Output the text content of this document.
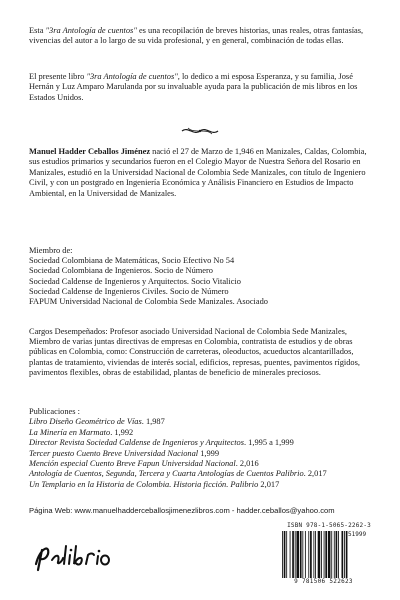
Esta "3ra Antología de cuentos" es una recopilación de breves historias, unas reales, otras fantasías, vivencias del autor a lo largo de su vida profesional, y en general, combinación de todas ellas.

El presente libro "3ra Antología de cuentos", lo dedico a mi esposa Esperanza, y su familia, José Hernán y Luz Amparo Marulanda por su invaluable ayuda para la publicación de mis libros en los Estados Unidos.

Manuel Hadder Ceballos Jiménez nació el 27 de Marzo de 1,946 en Manizales, Caldas, Colombia, sus estudios primarios y secundarios fueron en el Colegio Mayor de Nuestra Señora del Rosario en Manizales, estudió en la Universidad Nacional de Colombia Sede Manizales, con título de Ingeniero Civil, y con un postgrado en Ingeniería Económica y Análisis Financiero en Estudios de Impacto Ambiental, en la Universidad de Manizales.

Miembro de:
Sociedad Colombiana de Matemáticas, Socio Efectivo No 54
Sociedad Colombiana de Ingenieros. Socio de Número
Sociedad Caldense de Ingenieros y Arquitectos. Socio Vitalicio
Sociedad Caldense de Ingenieros Civiles. Socio de Número
FAPUM Universidad Nacional de Colombia Sede Manizales. Asociado

Cargos Desempeñados: Profesor asociado Universidad Nacional de Colombia Sede Manizales, Miembro de varias juntas directivas de empresas en Colombia, contratista de estudios y de obras públicas en Colombia, como: Construcción de carreteras, oleoductos, acueductos alcantarillados, plantas de tratamiento, viviendas de interés social, edificios, represas, puentes, pavimentos rígidos, pavimentos flexibles, obras de estabilidad, plantas de beneficio de minerales preciosos.

Publicaciones :
Libro Diseño Geométrico de Vías. 1,987
La Minería en Marmato. 1,992
Director Revista Sociedad Caldense de Ingenieros y Arquitectos. 1,995 a 1,999
Tercer puesto Cuento Breve Universidad Nacional 1,999
Mención especial Cuento Breve Fapun Universidad Nacional. 2,016
Antología de Cuentos, Segunda, Tercera y Cuarta Antologías de Cuentos Palibrio. 2,017
Un Templario en la Historia de Colombia. Historia ficción. Palibrio 2,017
Página Web: www.manuelhadderceballosjimenezlibros.com - hadder.ceballos@yahoo.com
Palibrio
ISBN 978-1-5065-2262-3
9 781506 522623
51999
